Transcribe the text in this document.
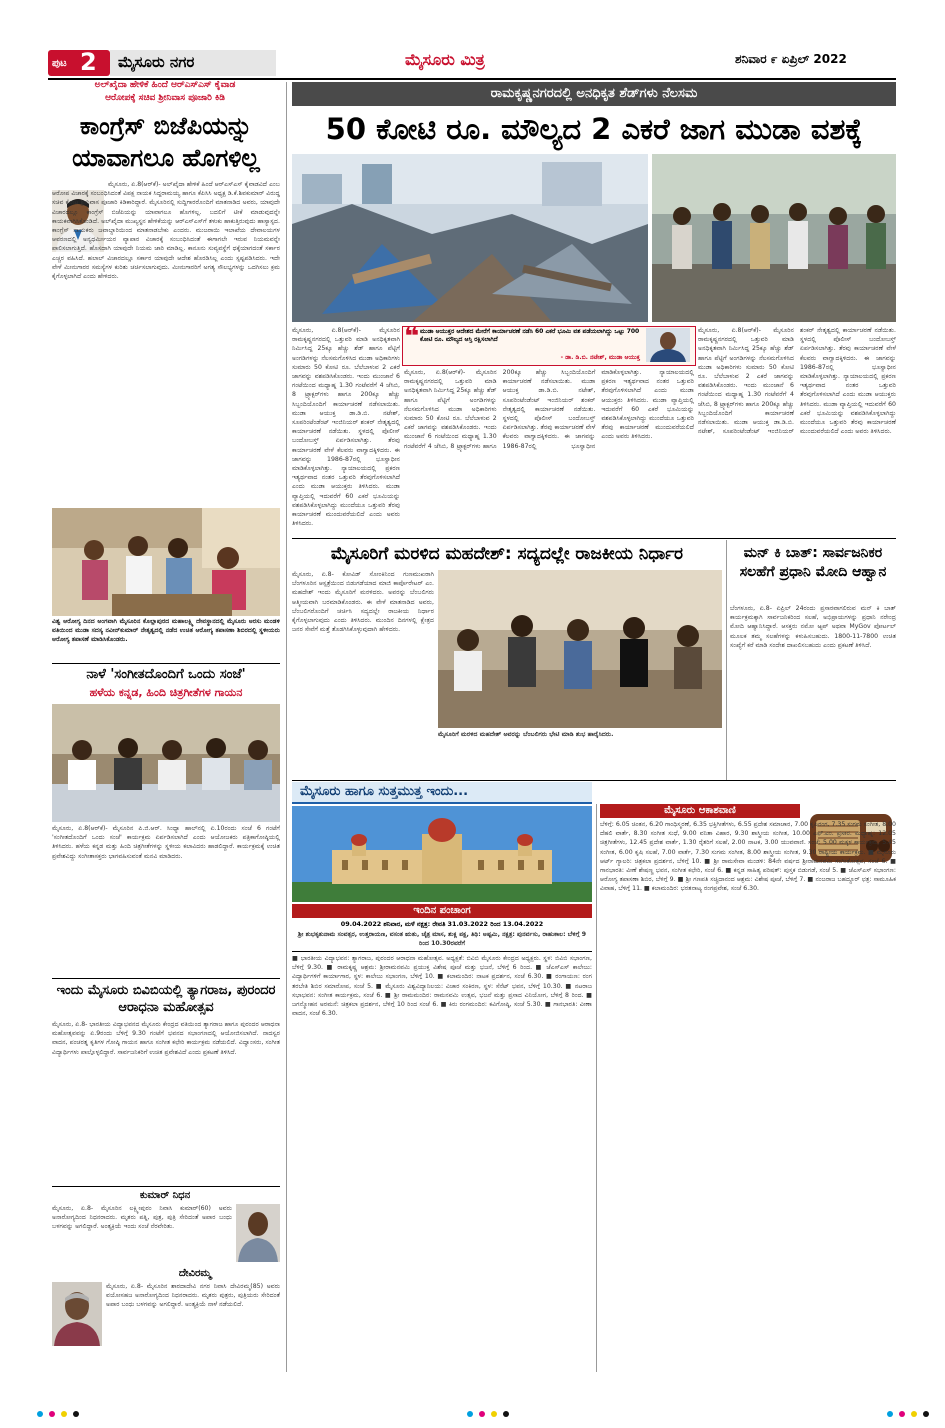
ಪುಟ 2 ಮೈಸೂರು ನಗರ	ಮೈಸೂರು ಮಿತ್ರ	ಶನಿವಾರ ೯ ಏಪ್ರಿಲ್ 2022
ಅಲ್‌ಖೈದಾ ಹೇಳಿಕೆ ಹಿಂದೆ ಆರ್‌ಎಸ್‌ಎಸ್ ಕೈವಾಡ
ಆರೋಪಕ್ಕೆ ಸಚಿವ ಶ್ರೀನಿವಾಸ ಪೂಜಾರಿ ಕಿಡಿ
ಕಾಂಗ್ರೆಸ್ ಬಿಜೆಪಿಯನ್ನು ಯಾವಾಗಲೂ ಹೊಗಳಿಲ್ಲ
ಮೈಸೂರು, ಏ.8(ಆರ್‌ಕೆ)- ಅಲ್‌ಖೈದಾ ಹೇಳಿಕೆ ಹಿಂದೆ ಆರ್‌ಎಸ್‌ಎಸ್ ಕೈವಾಡವಿದೆ ಎಂಬ ಆರೋಪ ವಿಚಾರಕ್ಕೆ ಸಂಬಂಧಿಸಿದಂತೆ ವಿಪಕ್ಷ ನಾಯಕ ಸಿದ್ದರಾಮಯ್ಯ ಹಾಗೂ ಕೆಪಿಸಿಸಿ ಅಧ್ಯಕ್ಷ ಡಿ.ಕೆ.ಶಿವಕುಮಾರ್ ವಿರುದ್ಧ ಸಚಿವ ಕೋಟ ಶ್ರೀನಿವಾಸ ಪೂಜಾರಿ ಕಿಡಿಕಾರಿದ್ದಾರೆ. ಮೈಸೂರಿನಲ್ಲಿ ಸುದ್ದಿಗಾರರೊಂದಿಗೆ ಮಾತನಾಡಿದ ಅವರು, ಯಾವುದೇ ವಿಚಾರದಲ್ಲೂ ಕಾಂಗ್ರೆಸ್ ಬಿಜೆಪಿಯನ್ನು ಯಾವಾಗಲೂ ಹೊಗಳಿಲ್ಲ. ಬದಲಿಗೆ ಟೀಕೆ ಮಾಡುವುದನ್ನೇ ಕಾಯಕವಾಗಿಸಿಕೊಂಡಿದೆ. ಅಲ್‌ಖೈದಾ ಮುಖ್ಯಸ್ಥನ ಹೇಳಿಕೆಯನ್ನು ಆರ್‌ಎಸ್‌ಎಸ್‌ಗೆ ತಳುಕು ಹಾಕುತ್ತಿರುವುದು ಹಾಸ್ಯಾಸ್ಪದ. ಕಾಂಗ್ರೆಸ್ ನಾಯಕರು ಜವಾಬ್ದಾರಿಯಿಂದ ಮಾತನಾಡಬೇಕು ಎಂದರು. ಮುಜರಾಯಿ ಇಲಾಖೆಯ ದೇವಾಲಯಗಳ ಆವರಣದಲ್ಲಿ ಅನ್ಯಧರ್ಮೀಯರ ವ್ಯಾಪಾರ ವಿಚಾರಕ್ಕೆ ಸಂಬಂಧಿಸಿದಂತೆ ಈಗಾಗಲೇ ಇರುವ ನಿಯಮವನ್ನೇ ಪಾಲಿಸಲಾಗುತ್ತಿದೆ. ಹೊಸದಾಗಿ ಯಾವುದೇ ನಿಯಮ ಜಾರಿ ಮಾಡಿಲ್ಲ. ಕಾನೂನು ಸುವ್ಯವಸ್ಥೆಗೆ ಧಕ್ಕೆಯಾಗದಂತೆ ಸರ್ಕಾರ ಎಚ್ಚರ ವಹಿಸಿದೆ. ಹಲಾಲ್ ವಿಚಾರದಲ್ಲೂ ಸರ್ಕಾರ ಯಾವುದೇ ಆದೇಶ ಹೊರಡಿಸಿಲ್ಲ ಎಂದು ಸ್ಪಷ್ಟಪಡಿಸಿದರು. ಇದೇ ವೇಳೆ ಮೀನುಗಾರರ ಸಮಸ್ಯೆಗಳ ಕುರಿತು ಚರ್ಚಿಸಲಾಗುವುದು. ಮೀನುಗಾರರಿಗೆ ಅಗತ್ಯ ಸೌಲಭ್ಯಗಳನ್ನು ಒದಗಿಸಲು ಕ್ರಮ ಕೈಗೊಳ್ಳಲಾಗಿದೆ ಎಂದು ಹೇಳಿದರು.
ವಿಶ್ವ ಆರೋಗ್ಯ ದಿನದ ಅಂಗವಾಗಿ ಮೈಸೂರಿನ ಕೊಲ್ಲಾಪುರದ ಮಹಾಲಕ್ಷ್ಮಿ ದೇವಸ್ಥಾನದಲ್ಲಿ ಮೈಸೂರು ಅರಸು ಮಂಡಳಿ ವತಿಯಿಂದ ಮುಡಾ ಸದಸ್ಯ ನವೀನ್‌ಕುಮಾರ್ ನೇತೃತ್ವದಲ್ಲಿ ನಡೆದ ಉಚಿತ ಆರೋಗ್ಯ ತಪಾಸಣಾ ಶಿಬಿರದಲ್ಲಿ ಸ್ಥಳೀಯರು ಆರೋಗ್ಯ ತಪಾಸಣೆ ಮಾಡಿಸಿಕೊಂಡರು.
ನಾಳೆ 'ಸಂಗೀತದೊಂದಿಗೆ ಒಂದು ಸಂಜೆ'
ಹಳೆಯ ಕನ್ನಡ, ಹಿಂದಿ ಚಿತ್ರಗೀತೆಗಳ ಗಾಯನ
ಮೈಸೂರು, ಏ.8(ಆರ್‌ಕೆ)- ಮೈಸೂರಿನ ಪಿ.ಜಿ.ಆರ್. ಸಿಂಧ್ಯಾ ಹಾಲ್‌ನಲ್ಲಿ ಏ.10ರಂದು ಸಂಜೆ 6 ಗಂಟೆಗೆ 'ಸಂಗೀತದೊಂದಿಗೆ ಒಂದು ಸಂಜೆ' ಕಾರ್ಯಕ್ರಮ ಏರ್ಪಡಿಸಲಾಗಿದೆ ಎಂದು ಆಯೋಜಕರು ಪತ್ರಿಕಾಗೋಷ್ಠಿಯಲ್ಲಿ ತಿಳಿಸಿದರು. ಹಳೆಯ ಕನ್ನಡ ಮತ್ತು ಹಿಂದಿ ಚಿತ್ರಗೀತೆಗಳನ್ನು ಸ್ಥಳೀಯ ಕಲಾವಿದರು ಹಾಡಲಿದ್ದಾರೆ. ಕಾರ್ಯಕ್ರಮಕ್ಕೆ ಉಚಿತ ಪ್ರವೇಶವಿದ್ದು ಸಂಗೀತಾಸಕ್ತರು ಭಾಗವಹಿಸುವಂತೆ ಮನವಿ ಮಾಡಿದರು.
ಇಂದು ಮೈಸೂರು ಬಿವಿಬಿಯಲ್ಲಿ ತ್ಯಾಗರಾಜ, ಪುರಂದರ ಆರಾಧನಾ ಮಹೋತ್ಸವ
ಮೈಸೂರು, ಏ.8- ಭಾರತೀಯ ವಿದ್ಯಾಭವನದ ಮೈಸೂರು ಕೇಂದ್ರದ ವತಿಯಿಂದ ತ್ಯಾಗರಾಜ ಹಾಗೂ ಪುರಂದರ ಆರಾಧನಾ ಮಹೋತ್ಸವವನ್ನು ಏ.9ರಂದು ಬೆಳಿಗ್ಗೆ 9.30 ಗಂಟೆಗೆ ಭವನದ ಸಭಾಂಗಣದಲ್ಲಿ ಆಯೋಜಿಸಲಾಗಿದೆ. ನಾದಸ್ವರ ವಾದನ, ಪಂಚರತ್ನ ಕೃತಿಗಳ ಗೋಷ್ಠಿ ಗಾಯನ ಹಾಗೂ ಸಂಗೀತ ಕಛೇರಿ ಕಾರ್ಯಕ್ರಮ ನಡೆಯಲಿದೆ. ವಿದ್ವಾಂಸರು, ಸಂಗೀತ ವಿದ್ಯಾರ್ಥಿಗಳು ಪಾಲ್ಗೊಳ್ಳಲಿದ್ದಾರೆ. ಸಾರ್ವಜನಿಕರಿಗೆ ಉಚಿತ ಪ್ರವೇಶವಿದೆ ಎಂದು ಪ್ರಕಟಣೆ ತಿಳಿಸಿದೆ.
ಕುಮಾರ್ ನಿಧನ
ಮೈಸೂರು, ಏ.8- ಮೈಸೂರಿನ ಲಕ್ಷ್ಮೀಪುರಂ ನಿವಾಸಿ ಕುಮಾರ್(60) ಅವರು ಅನಾರೋಗ್ಯದಿಂದ ನಿಧನರಾದರು. ಮೃತರು ಪತ್ನಿ, ಪುತ್ರ, ಪುತ್ರಿ ಸೇರಿದಂತೆ ಅಪಾರ ಬಂಧು ಬಳಗವನ್ನು ಅಗಲಿದ್ದಾರೆ. ಅಂತ್ಯಕ್ರಿಯೆ ಇಂದು ಸಂಜೆ ನೆರವೇರಿತು.
ದೇವಿರಮ್ಮ
ಮೈಸೂರು, ಏ.8- ಮೈಸೂರಿನ ಶಾರದಾದೇವಿ ನಗರ ನಿವಾಸಿ ದೇವಿರಮ್ಮ(85) ಅವರು ವಯೋಸಹಜ ಅನಾರೋಗ್ಯದಿಂದ ನಿಧನರಾದರು. ಮೃತರು ಪುತ್ರರು, ಪುತ್ರಿಯರು ಸೇರಿದಂತೆ ಅಪಾರ ಬಂಧು ಬಳಗವನ್ನು ಅಗಲಿದ್ದಾರೆ. ಅಂತ್ಯಕ್ರಿಯೆ ನಾಳೆ ನಡೆಯಲಿದೆ.
ರಾಮಕೃಷ್ಣನಗರದಲ್ಲಿ ಅನಧಿಕೃತ ಶೆಡ್‌ಗಳು ನೆಲಸಮ
50 ಕೋಟಿ ರೂ. ಮೌಲ್ಯದ 2 ಎಕರೆ ಜಾಗ ಮುಡಾ ವಶಕ್ಕೆ
❝ ಮುಡಾ ಆಯುಕ್ತರ ಆದೇಶದ ಮೇರೆಗೆ ಕಾರ್ಯಾಚರಣೆ ನಡೆಸಿ 60 ಎಕರೆ ಭೂಮಿ ವಶ ಪಡೆಯಲಾಗಿದ್ದು ಒಟ್ಟು 700 ಕೋಟಿ ರೂ. ಮೌಲ್ಯದ ಆಸ್ತಿ ರಕ್ಷಿಸಲಾಗಿದೆ
- ಡಾ. ಡಿ.ಬಿ. ನಟೇಶ್, ಮುಡಾ ಆಯುಕ್ತ
ಮೈಸೂರು, ಏ.8(ಆರ್‌ಕೆ)- ಮೈಸೂರಿನ ರಾಮಕೃಷ್ಣನಗರದಲ್ಲಿ ಒತ್ತುವರಿ ಮಾಡಿ ಅನಧಿಕೃತವಾಗಿ ನಿರ್ಮಿಸಿದ್ದ 25ಕ್ಕೂ ಹೆಚ್ಚು ಶೆಡ್ ಹಾಗೂ ಪೆಟ್ಟಿಗೆ ಅಂಗಡಿಗಳನ್ನು ನೆಲಸಮಗೊಳಿಸಿದ ಮುಡಾ ಅಧಿಕಾರಿಗಳು ಸುಮಾರು 50 ಕೋಟಿ ರೂ. ಬೆಲೆಬಾಳುವ 2 ಎಕರೆ ಜಾಗವನ್ನು ವಶಪಡಿಸಿಕೊಂಡರು. ಇಂದು ಮುಂಜಾನೆ 6 ಗಂಟೆಯಿಂದ ಮಧ್ಯಾಹ್ನ 1.30 ಗಂಟೆವರೆಗೆ 4 ಜೆಸಿಬಿ, 8 ಟ್ರ್ಯಾಕ್ಟರ್‌ಗಳು ಹಾಗೂ 200ಕ್ಕೂ ಹೆಚ್ಚು ಸಿಬ್ಬಂದಿಯೊಂದಿಗೆ ಕಾರ್ಯಾಚರಣೆ ನಡೆಸಲಾಯಿತು. ಮುಡಾ ಆಯುಕ್ತ ಡಾ.ಡಿ.ಬಿ. ನಟೇಶ್, ಸೂಪರಿಂಟೆಂಡೆಂಟ್ ಇಂಜಿನಿಯರ್ ಶಂಕರ್ ನೇತೃತ್ವದಲ್ಲಿ ಕಾರ್ಯಾಚರಣೆ ನಡೆಯಿತು. ಸ್ಥಳದಲ್ಲಿ ಪೊಲೀಸ್ ಬಂದೋಬಸ್ತ್ ಏರ್ಪಡಿಸಲಾಗಿತ್ತು. ತೆರವು ಕಾರ್ಯಾಚರಣೆ ವೇಳೆ ಕೆಲವರು ವಾಗ್ವಾದಕ್ಕಿಳಿದರು. ಈ ಜಾಗವನ್ನು 1986-87ರಲ್ಲಿ ಭೂಸ್ವಾಧೀನ ಮಾಡಿಕೊಳ್ಳಲಾಗಿತ್ತು. ನ್ಯಾಯಾಲಯದಲ್ಲಿ ಪ್ರಕರಣ ಇತ್ಯರ್ಥವಾದ ನಂತರ ಒತ್ತುವರಿ ತೆರವುಗೊಳಿಸಲಾಗಿದೆ ಎಂದು ಮುಡಾ ಆಯುಕ್ತರು ತಿಳಿಸಿದರು. ಮುಡಾ ವ್ಯಾಪ್ತಿಯಲ್ಲಿ ಇದುವರೆಗೆ 60 ಎಕರೆ ಭೂಮಿಯನ್ನು ವಶಪಡಿಸಿಕೊಳ್ಳಲಾಗಿದ್ದು ಮುಂದೆಯೂ ಒತ್ತುವರಿ ತೆರವು ಕಾರ್ಯಾಚರಣೆ ಮುಂದುವರೆಯಲಿದೆ ಎಂದು ಅವರು ತಿಳಿಸಿದರು.
ಮೈಸೂರು, ಏ.8(ಆರ್‌ಕೆ)- ಮೈಸೂರಿನ ರಾಮಕೃಷ್ಣನಗರದಲ್ಲಿ ಒತ್ತುವರಿ ಮಾಡಿ ಅನಧಿಕೃತವಾಗಿ ನಿರ್ಮಿಸಿದ್ದ 25ಕ್ಕೂ ಹೆಚ್ಚು ಶೆಡ್ ಹಾಗೂ ಪೆಟ್ಟಿಗೆ ಅಂಗಡಿಗಳನ್ನು ನೆಲಸಮಗೊಳಿಸಿದ ಮುಡಾ ಅಧಿಕಾರಿಗಳು ಸುಮಾರು 50 ಕೋಟಿ ರೂ. ಬೆಲೆಬಾಳುವ 2 ಎಕರೆ ಜಾಗವನ್ನು ವಶಪಡಿಸಿಕೊಂಡರು. ಇಂದು ಮುಂಜಾನೆ 6 ಗಂಟೆಯಿಂದ ಮಧ್ಯಾಹ್ನ 1.30 ಗಂಟೆವರೆಗೆ 4 ಜೆಸಿಬಿ, 8 ಟ್ರ್ಯಾಕ್ಟರ್‌ಗಳು ಹಾಗೂ 200ಕ್ಕೂ ಹೆಚ್ಚು ಸಿಬ್ಬಂದಿಯೊಂದಿಗೆ ಕಾರ್ಯಾಚರಣೆ ನಡೆಸಲಾಯಿತು. ಮುಡಾ ಆಯುಕ್ತ ಡಾ.ಡಿ.ಬಿ. ನಟೇಶ್, ಸೂಪರಿಂಟೆಂಡೆಂಟ್ ಇಂಜಿನಿಯರ್ ಶಂಕರ್ ನೇತೃತ್ವದಲ್ಲಿ ಕಾರ್ಯಾಚರಣೆ ನಡೆಯಿತು. ಸ್ಥಳದಲ್ಲಿ ಪೊಲೀಸ್ ಬಂದೋಬಸ್ತ್ ಏರ್ಪಡಿಸಲಾಗಿತ್ತು. ತೆರವು ಕಾರ್ಯಾಚರಣೆ ವೇಳೆ ಕೆಲವರು ವಾಗ್ವಾದಕ್ಕಿಳಿದರು. ಈ ಜಾಗವನ್ನು 1986-87ರಲ್ಲಿ ಭೂಸ್ವಾಧೀನ ಮಾಡಿಕೊಳ್ಳಲಾಗಿತ್ತು. ನ್ಯಾಯಾಲಯದಲ್ಲಿ ಪ್ರಕರಣ ಇತ್ಯರ್ಥವಾದ ನಂತರ ಒತ್ತುವರಿ ತೆರವುಗೊಳಿಸಲಾಗಿದೆ ಎಂದು ಮುಡಾ ಆಯುಕ್ತರು ತಿಳಿಸಿದರು. ಮುಡಾ ವ್ಯಾಪ್ತಿಯಲ್ಲಿ ಇದುವರೆಗೆ 60 ಎಕರೆ ಭೂಮಿಯನ್ನು ವಶಪಡಿಸಿಕೊಳ್ಳಲಾಗಿದ್ದು ಮುಂದೆಯೂ ಒತ್ತುವರಿ ತೆರವು ಕಾರ್ಯಾಚರಣೆ ಮುಂದುವರೆಯಲಿದೆ ಎಂದು ಅವರು ತಿಳಿಸಿದರು.
ಮೈಸೂರು, ಏ.8(ಆರ್‌ಕೆ)- ಮೈಸೂರಿನ ರಾಮಕೃಷ್ಣನಗರದಲ್ಲಿ ಒತ್ತುವರಿ ಮಾಡಿ ಅನಧಿಕೃತವಾಗಿ ನಿರ್ಮಿಸಿದ್ದ 25ಕ್ಕೂ ಹೆಚ್ಚು ಶೆಡ್ ಹಾಗೂ ಪೆಟ್ಟಿಗೆ ಅಂಗಡಿಗಳನ್ನು ನೆಲಸಮಗೊಳಿಸಿದ ಮುಡಾ ಅಧಿಕಾರಿಗಳು ಸುಮಾರು 50 ಕೋಟಿ ರೂ. ಬೆಲೆಬಾಳುವ 2 ಎಕರೆ ಜಾಗವನ್ನು ವಶಪಡಿಸಿಕೊಂಡರು. ಇಂದು ಮುಂಜಾನೆ 6 ಗಂಟೆಯಿಂದ ಮಧ್ಯಾಹ್ನ 1.30 ಗಂಟೆವರೆಗೆ 4 ಜೆಸಿಬಿ, 8 ಟ್ರ್ಯಾಕ್ಟರ್‌ಗಳು ಹಾಗೂ 200ಕ್ಕೂ ಹೆಚ್ಚು ಸಿಬ್ಬಂದಿಯೊಂದಿಗೆ ಕಾರ್ಯಾಚರಣೆ ನಡೆಸಲಾಯಿತು. ಮುಡಾ ಆಯುಕ್ತ ಡಾ.ಡಿ.ಬಿ. ನಟೇಶ್, ಸೂಪರಿಂಟೆಂಡೆಂಟ್ ಇಂಜಿನಿಯರ್ ಶಂಕರ್ ನೇತೃತ್ವದಲ್ಲಿ ಕಾರ್ಯಾಚರಣೆ ನಡೆಯಿತು. ಸ್ಥಳದಲ್ಲಿ ಪೊಲೀಸ್ ಬಂದೋಬಸ್ತ್ ಏರ್ಪಡಿಸಲಾಗಿತ್ತು. ತೆರವು ಕಾರ್ಯಾಚರಣೆ ವೇಳೆ ಕೆಲವರು ವಾಗ್ವಾದಕ್ಕಿಳಿದರು. ಈ ಜಾಗವನ್ನು 1986-87ರಲ್ಲಿ ಭೂಸ್ವಾಧೀನ ಮಾಡಿಕೊಳ್ಳಲಾಗಿತ್ತು. ನ್ಯಾಯಾಲಯದಲ್ಲಿ ಪ್ರಕರಣ ಇತ್ಯರ್ಥವಾದ ನಂತರ ಒತ್ತುವರಿ ತೆರವುಗೊಳಿಸಲಾಗಿದೆ ಎಂದು ಮುಡಾ ಆಯುಕ್ತರು ತಿಳಿಸಿದರು. ಮುಡಾ ವ್ಯಾಪ್ತಿಯಲ್ಲಿ ಇದುವರೆಗೆ 60 ಎಕರೆ ಭೂಮಿಯನ್ನು ವಶಪಡಿಸಿಕೊಳ್ಳಲಾಗಿದ್ದು ಮುಂದೆಯೂ ಒತ್ತುವರಿ ತೆರವು ಕಾರ್ಯಾಚರಣೆ ಮುಂದುವರೆಯಲಿದೆ ಎಂದು ಅವರು ತಿಳಿಸಿದರು.
ಮೈಸೂರಿಗೆ ಮರಳಿದ ಮಹದೇಶ್: ಸದ್ಯದಲ್ಲೇ ರಾಜಕೀಯ ನಿರ್ಧಾರ
ಮೈಸೂರು, ಏ.8- ಕೋವಿಡ್ ಸೋಂಕಿನಿಂದ ಗುಣಮುಖರಾಗಿ ಬೆಂಗಳೂರಿನ ಆಸ್ಪತ್ರೆಯಿಂದ ಬಿಡುಗಡೆಯಾದ ಮಾಜಿ ಕಾರ್ಪೊರೇಟರ್ ಎಂ. ಮಹದೇಶ್ ಇಂದು ಮೈಸೂರಿಗೆ ಮರಳಿದರು. ಅವರನ್ನು ಬೆಂಬಲಿಗರು ಆತ್ಮೀಯವಾಗಿ ಬರಮಾಡಿಕೊಂಡರು. ಈ ವೇಳೆ ಮಾತನಾಡಿದ ಅವರು, ಬೆಂಬಲಿಗರೊಂದಿಗೆ ಚರ್ಚಿಸಿ ಸದ್ಯದಲ್ಲೇ ರಾಜಕೀಯ ನಿರ್ಧಾರ ಕೈಗೊಳ್ಳಲಾಗುವುದು ಎಂದು ತಿಳಿಸಿದರು. ಮುಂದಿನ ದಿನಗಳಲ್ಲಿ ಕ್ಷೇತ್ರದ ಜನರ ಸೇವೆಗೆ ಮತ್ತೆ ತೊಡಗಿಸಿಕೊಳ್ಳುವುದಾಗಿ ಹೇಳಿದರು.
ಮೈಸೂರಿಗೆ ಮರಳಿದ ಮಹದೇಶ್ ಅವರನ್ನು ಬೆಂಬಲಿಗರು ಭೇಟಿ ಮಾಡಿ ಶುಭ ಹಾರೈಸಿದರು.
ಮನ್ ಕಿ ಬಾತ್: ಸಾರ್ವಜನಿಕರ ಸಲಹೆಗೆ ಪ್ರಧಾನಿ ಮೋದಿ ಆಹ್ವಾನ
ಬೆಂಗಳೂರು, ಏ.8- ಏಪ್ರಿಲ್ 24ರಂದು ಪ್ರಸಾರವಾಗಲಿರುವ ಮನ್ ಕಿ ಬಾತ್ ಕಾರ್ಯಕ್ರಮಕ್ಕಾಗಿ ಸಾರ್ವಜನಿಕರಿಂದ ಸಲಹೆ, ಅಭಿಪ್ರಾಯಗಳನ್ನು ಪ್ರಧಾನಿ ನರೇಂದ್ರ ಮೋದಿ ಆಹ್ವಾನಿಸಿದ್ದಾರೆ. ಆಸಕ್ತರು ನಮೋ ಆ್ಯಪ್ ಅಥವಾ MyGov ಪೋರ್ಟಲ್ ಮೂಲಕ ತಮ್ಮ ಸಲಹೆಗಳನ್ನು ಕಳುಹಿಸಬಹುದು. 1800-11-7800 ಉಚಿತ ಸಂಖ್ಯೆಗೆ ಕರೆ ಮಾಡಿ ಸಂದೇಶ ದಾಖಲಿಸಬಹುದು ಎಂದು ಪ್ರಕಟಣೆ ತಿಳಿಸಿದೆ.
ಮೈಸೂರು ಹಾಗೂ ಸುತ್ತಮುತ್ತ ಇಂದು...
ಇಂದಿನ ಪಂಚಾಂಗ
09.04.2022 ಶನಿವಾರ, ಮಳೆ ನಕ್ಷತ್ರ: ರೇವತಿ 31.03.2022 ರಿಂದ 13.04.2022
ಶ್ರೀ ಶುಭಕೃತುನಾಮ ಸಂವತ್ಸರ, ಉತ್ತರಾಯಣ, ವಸಂತ ಋತು, ಚೈತ್ರ ಮಾಸ, ಶುಕ್ಲ ಪಕ್ಷ, ತಿಥಿ: ಅಷ್ಟಮಿ, ನಕ್ಷತ್ರ: ಪುನರ್ವಸು, ರಾಹುಕಾಲ: ಬೆಳಿಗ್ಗೆ 9 ರಿಂದ 10.30ರವರೆಗೆ
■ ಭಾರತೀಯ ವಿದ್ಯಾಭವನ: ತ್ಯಾಗರಾಜ, ಪುರಂದರ ಆರಾಧನಾ ಮಹೋತ್ಸವ. ಅಧ್ಯಕ್ಷತೆ: ಬಿವಿಬಿ ಮೈಸೂರು ಕೇಂದ್ರದ ಅಧ್ಯಕ್ಷರು. ಸ್ಥಳ: ಬಿವಿಬಿ ಸಭಾಂಗಣ, ಬೆಳಿಗ್ಗೆ 9.30. ■ ರಾಮಕೃಷ್ಣ ಆಶ್ರಮ: ಶ್ರೀರಾಮನವಮಿ ಪ್ರಯುಕ್ತ ವಿಶೇಷ ಪೂಜೆ ಮತ್ತು ಭಜನೆ, ಬೆಳಿಗ್ಗೆ 6 ರಿಂದ. ■ ಜೆಎಸ್‌ಎಸ್ ಕಾಲೇಜು: ವಿದ್ಯಾರ್ಥಿಗಳಿಗೆ ಕಾರ್ಯಾಗಾರ, ಸ್ಥಳ: ಕಾಲೇಜು ಸಭಾಂಗಣ, ಬೆಳಿಗ್ಗೆ 10. ■ ಕಲಾಮಂದಿರ: ನಾಟಕ ಪ್ರದರ್ಶನ, ಸಂಜೆ 6.30. ■ ರಂಗಾಯಣ: ರಂಗ ತರಬೇತಿ ಶಿಬಿರ ಸಮಾರೋಪ, ಸಂಜೆ 5. ■ ಮೈಸೂರು ವಿಶ್ವವಿದ್ಯಾನಿಲಯ: ವಿಚಾರ ಸಂಕಿರಣ, ಸ್ಥಳ: ಸೆನೆಟ್ ಭವನ, ಬೆಳಿಗ್ಗೆ 10.30. ■ ನಟರಾಜ ಸಭಾಭವನ: ಸಂಗೀತ ಕಾರ್ಯಕ್ರಮ, ಸಂಜೆ 6. ■ ಶ್ರೀ ರಾಮಮಂದಿರ: ರಾಮನವಮಿ ಉತ್ಸವ, ಭಜನೆ ಮತ್ತು ಪ್ರಸಾದ ವಿನಿಯೋಗ, ಬೆಳಿಗ್ಗೆ 8 ರಿಂದ. ■ ಜಗನ್ಮೋಹನ ಅರಮನೆ: ಚಿತ್ರಕಲಾ ಪ್ರದರ್ಶನ, ಬೆಳಿಗ್ಗೆ 10 ರಿಂದ ಸಂಜೆ 6. ■ ಕಿರು ರಂಗಮಂದಿರ: ಕವಿಗೋಷ್ಠಿ, ಸಂಜೆ 5.30. ■ ಗಾನಭಾರತಿ: ವೀಣಾ ವಾದನ, ಸಂಜೆ 6.30.
ಮೈಸೂರು ಆಕಾಶವಾಣಿ
ಬೆಳಿಗ್ಗೆ: 6.05 ಚಿಂತನ, 6.20 ಗಾಂಧಿಸ್ಮರಣೆ, 6.35 ಭಕ್ತಿಗೀತೆಗಳು, 6.55 ಪ್ರದೇಶ ಸಮಾಚಾರ, 7.00 ಕೃಷಿರಂಗ, 7.35 ಸುಗಮ ಸಂಗೀತ, 8.00 ದೆಹಲಿ ವಾರ್ತೆ, 8.30 ಸಂಗೀತ ಸುಧೆ, 9.00 ವನಿತಾ ವಿಹಾರ, 9.30 ಶಾಸ್ತ್ರೀಯ ಸಂಗೀತ, 10.00 ಎಫ್.ಎಂ. ಪ್ರಸಾರ. ಮಧ್ಯಾಹ್ನ: 12.05 ಚಿತ್ರಗೀತೆಗಳು, 12.45 ಪ್ರದೇಶ ವಾರ್ತೆ, 1.30 ರೈತರಿಗೆ ಸಲಹೆ, 2.00 ನಾಟಕ, 3.00 ಯುವವಾಣಿ. ಸಂಜೆ: 5.00 ಮಕ್ಕಳ ಕಾರ್ಯಕ್ರಮ, 5.45 ಸಂಗೀತ, 6.00 ಕೃಷಿ ಸಲಹೆ, 7.00 ವಾರ್ತೆ, 7.30 ಸುಗಮ ಸಂಗೀತ, 8.00 ಶಾಸ್ತ್ರೀಯ ಸಂಗೀತ, 9.30 ರಾಷ್ಟ್ರೀಯ ಕಾರ್ಯಕ್ರಮ. ■ ಮೈಸೂರು ಆರ್ಟ್ ಗ್ಯಾಲರಿ: ಚಿತ್ರಕಲಾ ಪ್ರದರ್ಶನ, ಬೆಳಿಗ್ಗೆ 10. ■ ಶ್ರೀ ರಾಮಸೇವಾ ಮಂಡಳಿ: 84ನೇ ವರ್ಷದ ಶ್ರೀರಾಮನವಮಿ ಸಂಗೀತೋತ್ಸವ, ಸಂಜೆ 6. ■ ಗಾನಭಾರತಿ: ವೀಣೆ ಶೇಷಣ್ಣ ಭವನ, ಸಂಗೀತ ಕಛೇರಿ, ಸಂಜೆ 6. ■ ಕನ್ನಡ ಸಾಹಿತ್ಯ ಪರಿಷತ್: ಪುಸ್ತಕ ಬಿಡುಗಡೆ, ಸಂಜೆ 5. ■ ಜೆಎಸ್‌ಎಸ್ ಸಭಾಂಗಣ: ಆರೋಗ್ಯ ತಪಾಸಣಾ ಶಿಬಿರ, ಬೆಳಿಗ್ಗೆ 9. ■ ಶ್ರೀ ಗಣಪತಿ ಸಚ್ಚಿದಾನಂದ ಆಶ್ರಮ: ವಿಶೇಷ ಪೂಜೆ, ಬೆಳಿಗ್ಗೆ 7. ■ ನಂಜರಾಜ ಬಹದ್ದೂರ್ ಛತ್ರ: ಸಾಮೂಹಿಕ ವಿವಾಹ, ಬೆಳಿಗ್ಗೆ 11. ■ ಕಲಾಮಂದಿರ: ಭರತನಾಟ್ಯ ರಂಗಪ್ರವೇಶ, ಸಂಜೆ 6.30.
